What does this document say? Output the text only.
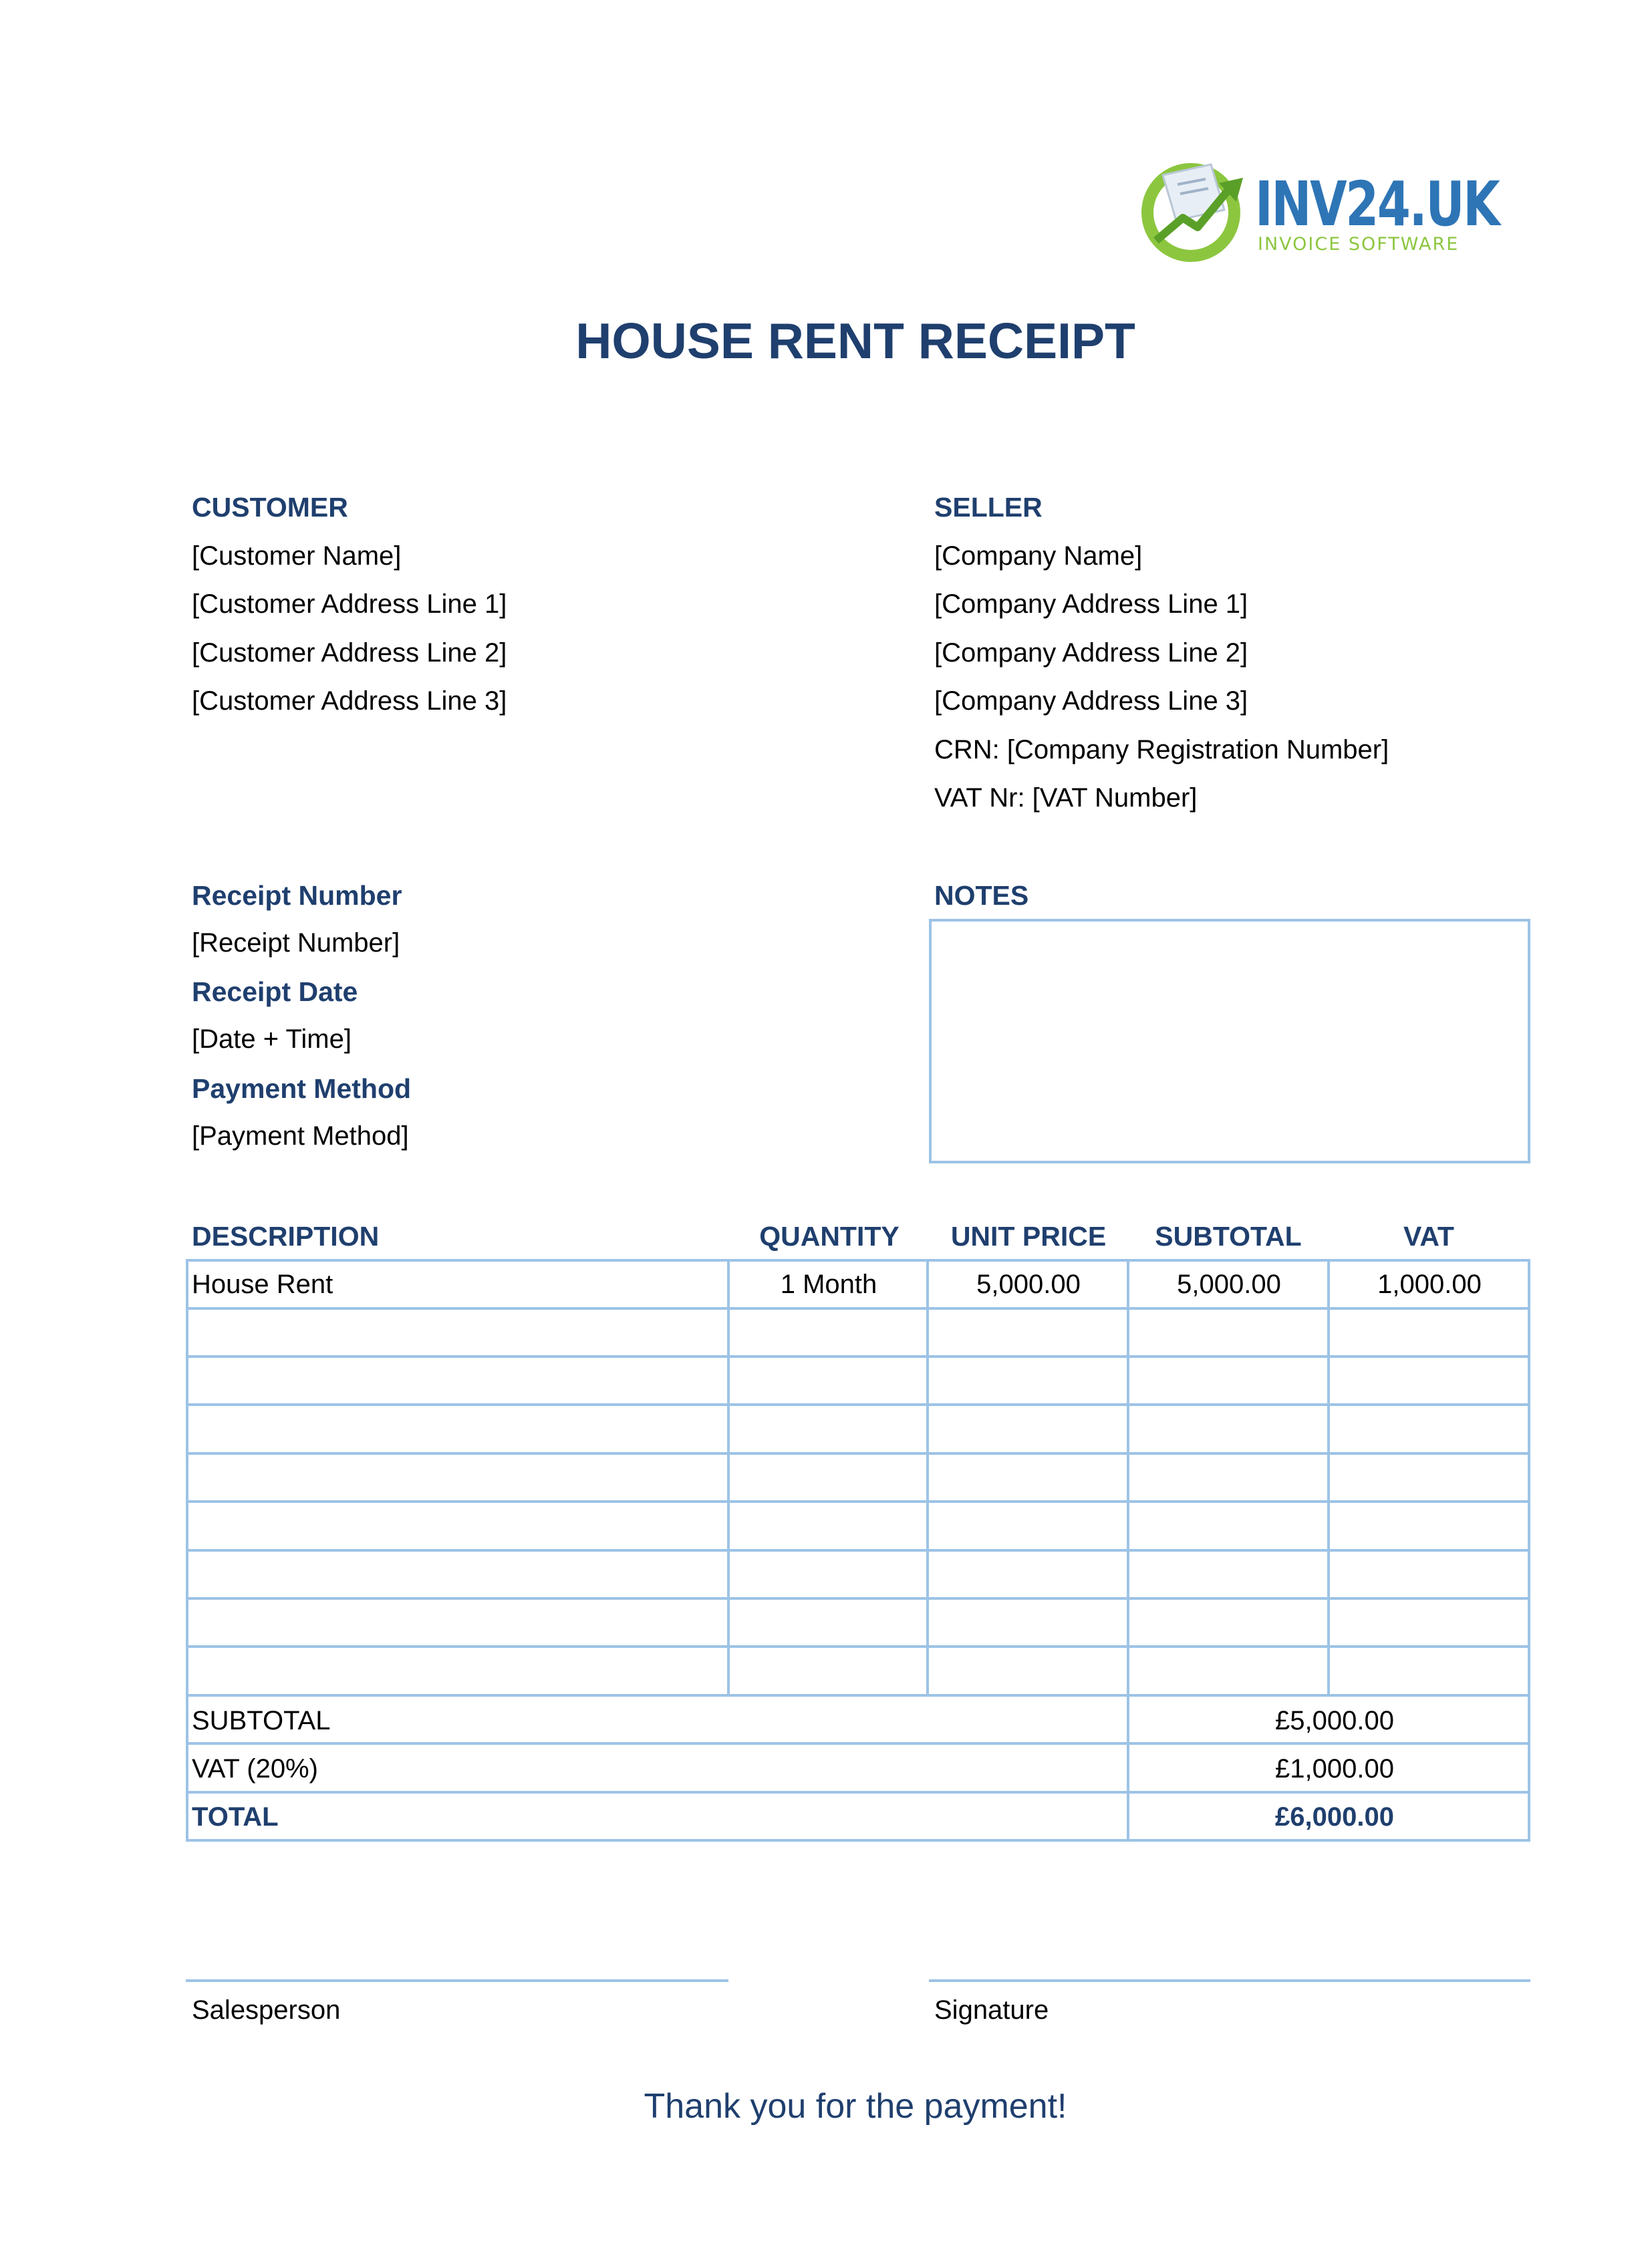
INV24.UK
INVOICE SOFTWARE
HOUSE RENT RECEIPT
CUSTOMER
[Customer Name]
[Customer Address Line 1]
[Customer Address Line 2]
[Customer Address Line 3]
SELLER
[Company Name]
[Company Address Line 1]
[Company Address Line 2]
[Company Address Line 3]
CRN: [Company Registration Number]
VAT Nr: [VAT Number]
Receipt Number
[Receipt Number]
Receipt Date
[Date + Time]
Payment Method
[Payment Method]
NOTES
DESCRIPTION	QUANTITY	UNIT PRICE	SUBTOTAL	VAT
House Rent	1 Month	5,000.00	5,000.00	1,000.00
SUBTOTAL	£5,000.00
VAT (20%)	£1,000.00
TOTAL	£6,000.00
Salesperson	Signature
Thank you for the payment!
